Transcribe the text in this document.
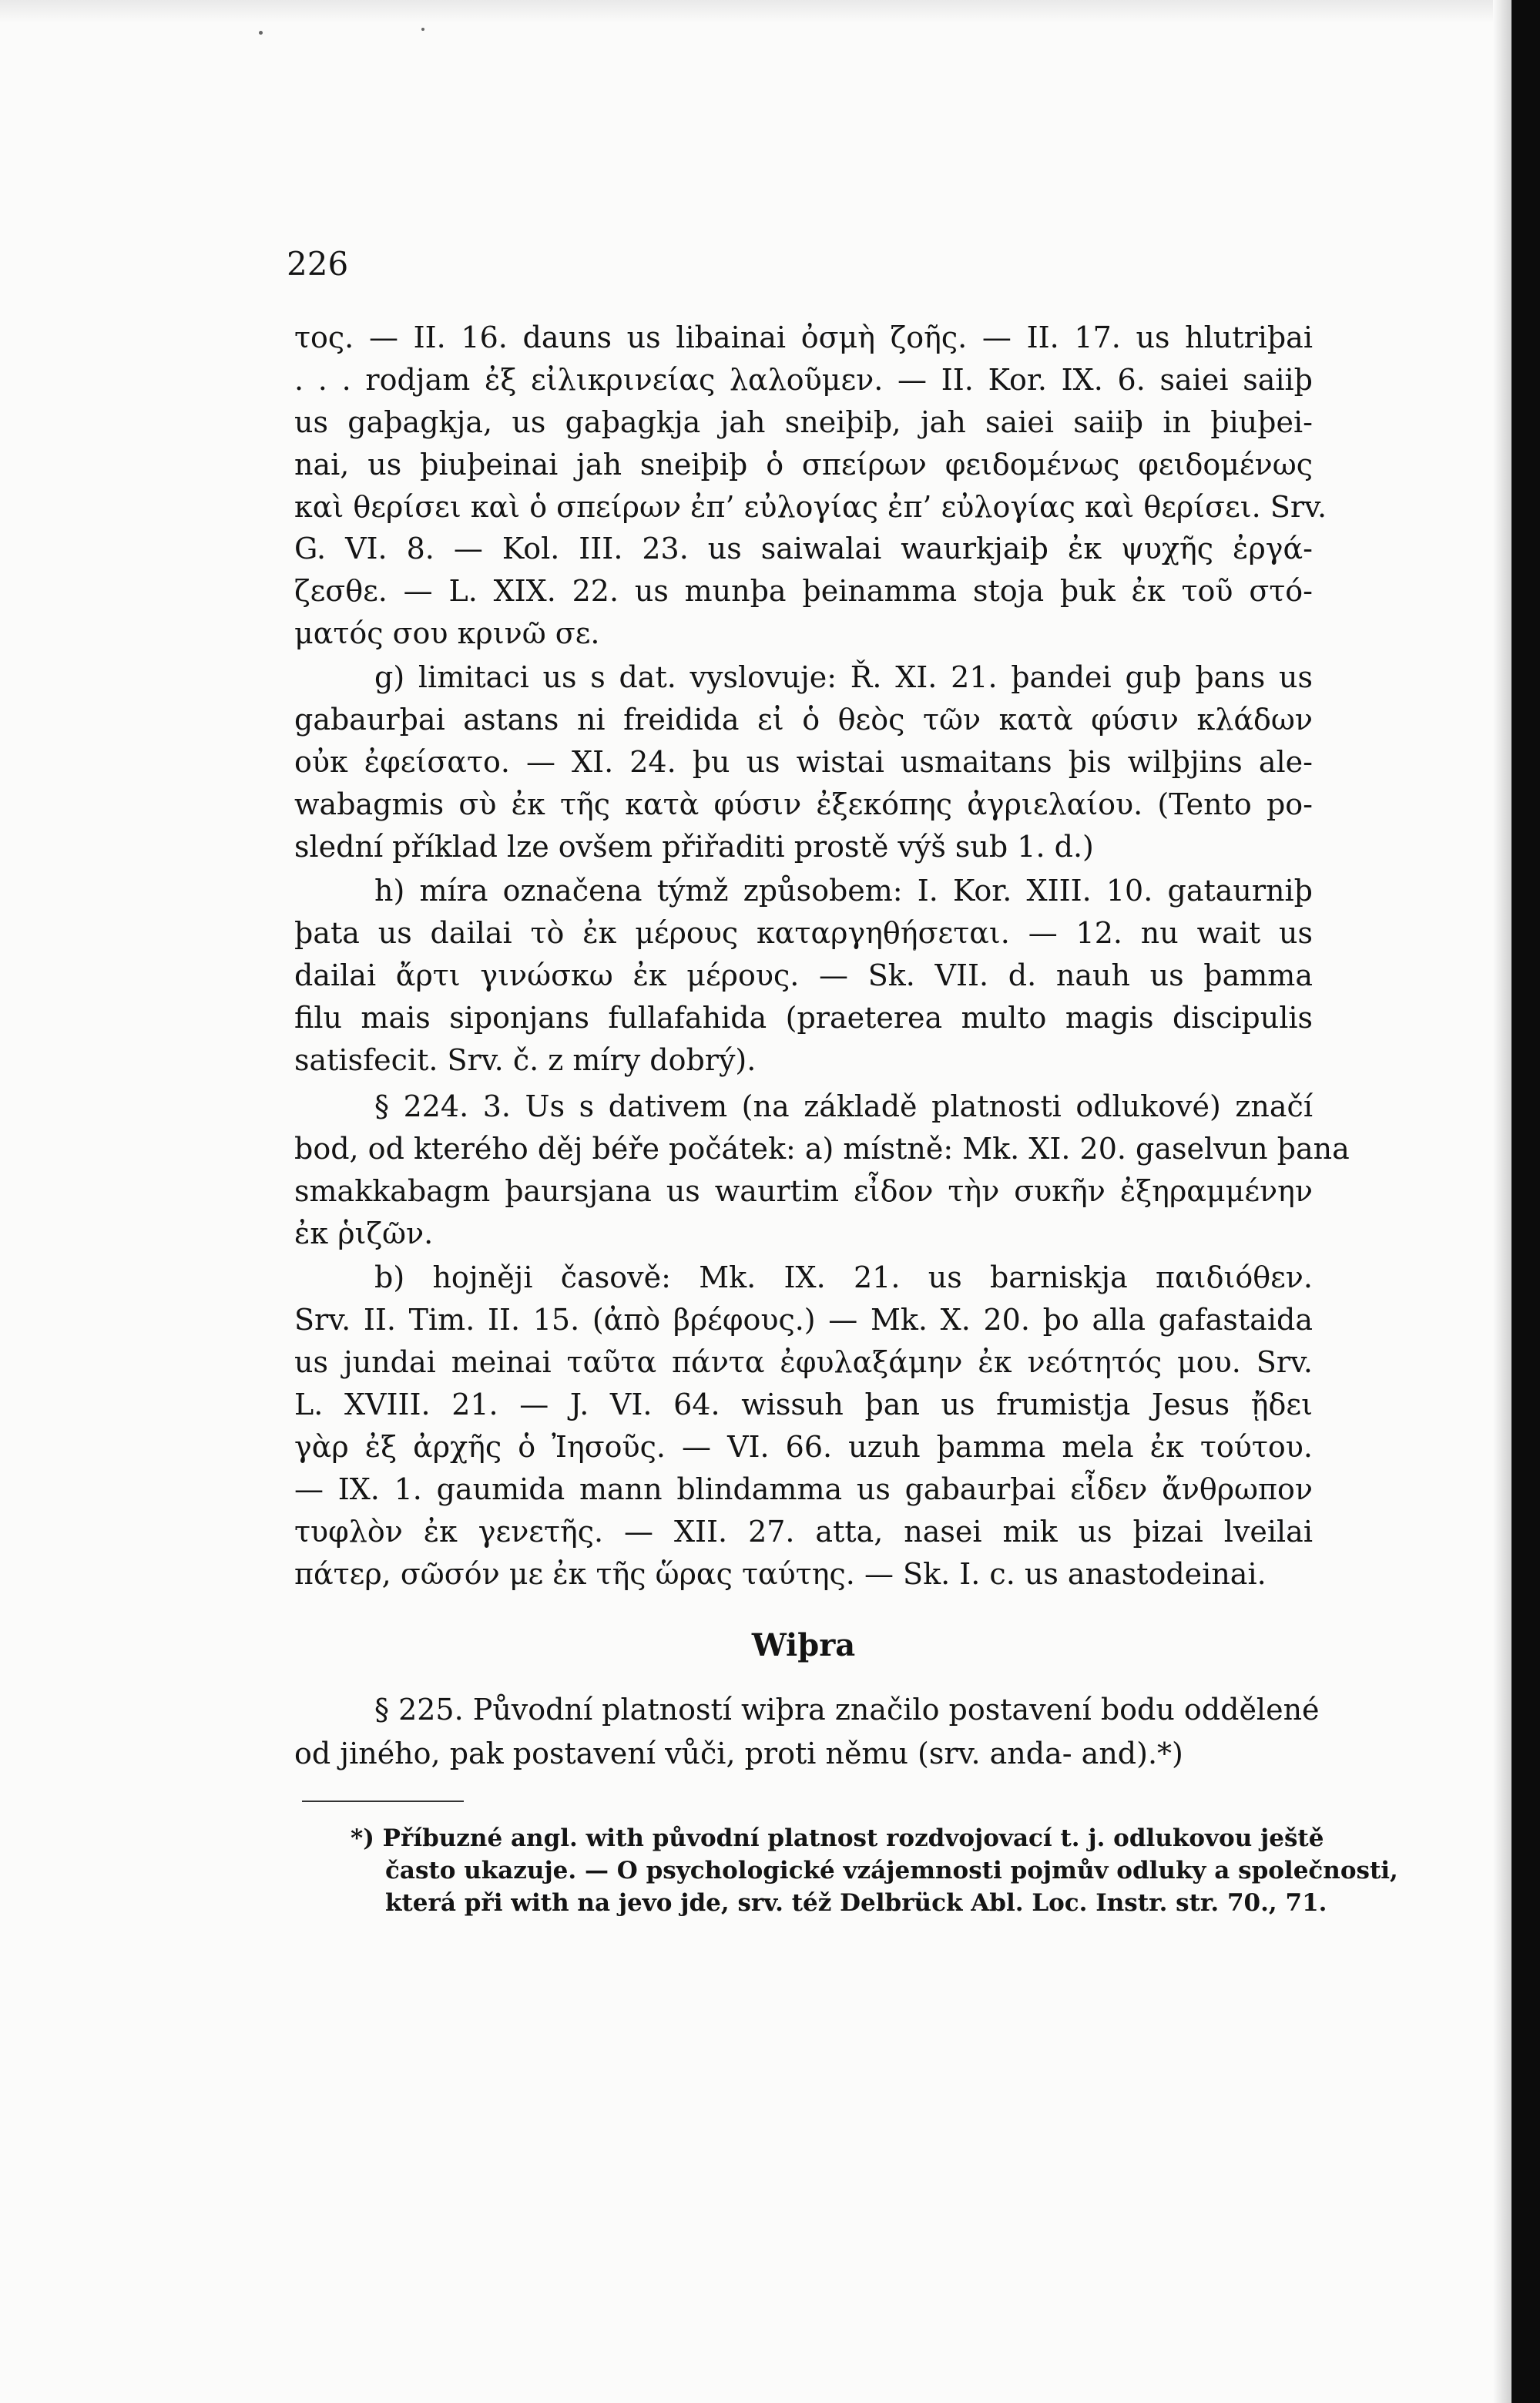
226
τος. — II. 16. dauns us libainai ὀσμὴ ζοῆς. — II. 17. us hlutriþai
. . . rodjam ἐξ εἰλικρινείας λαλοῦμεν. — II. Kor. IX. 6. saiei saiiþ
us gaþagkja, us gaþagkja jah sneiþiþ, jah saiei saiiþ in þiuþei-
nai, us þiuþeinai jah sneiþiþ ὁ σπείρων φειδομένως φειδομένως
καὶ θερίσει καὶ ὁ σπείρων ἐπ’ εὐλογίας ἐπ’ εὐλογίας καὶ θερίσει. Srv.
G. VI. 8. — Kol. III. 23. us saiwalai waurkjaiþ ἐκ ψυχῆς ἐργά-
ζεσθε. — L. XIX. 22. us munþa þeinamma stoja þuk ἐκ τοῦ στό-
ματός σου κρινῶ σε.
g) limitaci us s dat. vyslovuje: Ř. XI. 21. þandei guþ þans us
gabaurþai astans ni freidida εἰ ὁ θεὸς τῶν κατὰ φύσιν κλάδων
οὐκ ἐφείσατο. — XI. 24. þu us wistai usmaitans þis wilþjins ale-
wabagmis σὺ ἐκ τῆς κατὰ φύσιν ἐξεκόπης ἀγριελαίου. (Tento po-
slední příklad lze ovšem přiřaditi prostě výš sub 1. d.)
h) míra označena týmž způsobem: I. Kor. XIII. 10. gataurniþ
þata us dailai τὸ ἐκ μέρους καταργηθήσεται. — 12. nu wait us
dailai ἄρτι γινώσκω ἐκ μέρους. — Sk. VII. d. nauh us þamma
filu mais siponjans fullafahida (praeterea multo magis discipulis
satisfecit. Srv. č. z míry dobrý).
§ 224. 3. Us s dativem (na základě platnosti odlukové) značí
bod, od kterého děj béře počátek: a) místně: Mk. XI. 20. gaselvun þana
smakkabagm þaursjana us waurtim εἶδον τὴν συκῆν ἐξηραμμένην
ἐκ ῥιζῶν.
b) hojněji časově: Mk. IX. 21. us barniskja παιδιόθεν.
Srv. II. Tim. II. 15. (ἀπὸ βρέφους.) — Mk. X. 20. þo alla gafastaida
us jundai meinai ταῦτα πάντα ἐφυλαξάμην ἐκ νεότητός μου. Srv.
L. XVIII. 21. — J. VI. 64. wissuh þan us frumistja Jesus ᾔδει
γὰρ ἐξ ἀρχῆς ὁ Ἰησοῦς. — VI. 66. uzuh þamma mela ἐκ τούτου.
— IX. 1. gaumida mann blindamma us gabaurþai εἶδεν ἄνθρωπον
τυφλὸν ἐκ γενετῆς. — XII. 27. atta, nasei mik us þizai lveilai
πάτερ, σῶσόν με ἐκ τῆς ὥρας ταύτης. — Sk. I. c. us anastodeinai.
Wiþra
§ 225. Původní platností wiþra značilo postavení bodu oddělené
od jiného, pak postavení vůči, proti němu (srv. anda- and).*)
*) Příbuzné angl. with původní platnost rozdvojovací t. j. odlukovou ještě
často ukazuje. — O psychologické vzájemnosti pojmův odluky a společnosti,
která při with na jevo jde, srv. též Delbrück Abl. Loc. Instr. str. 70., 71.
